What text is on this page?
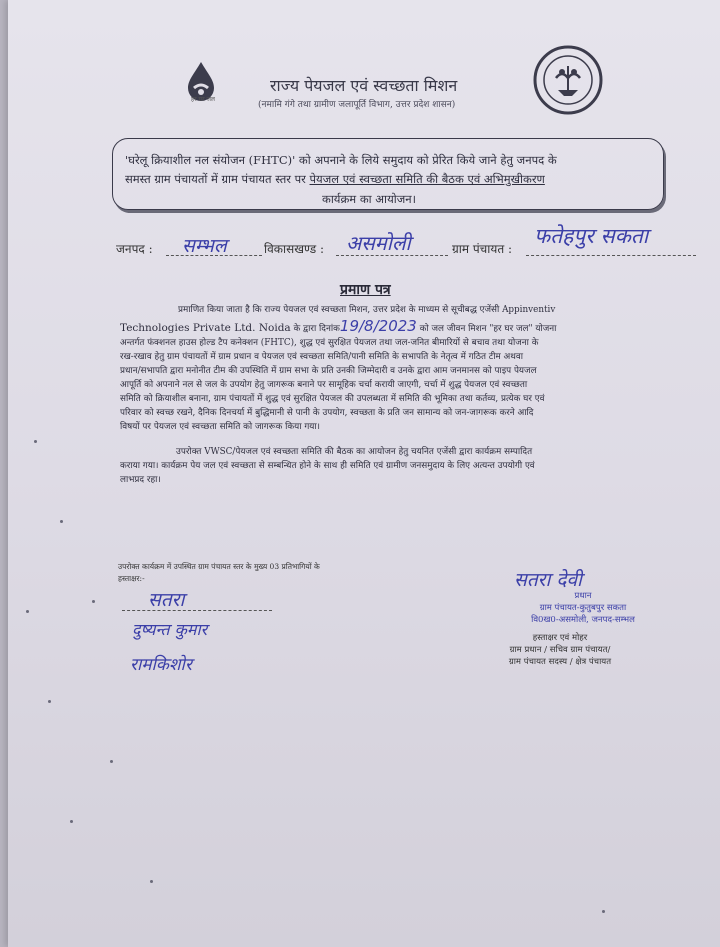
हर घर जल
राज्य पेयजल एवं स्वच्छता मिशन
(नमामि गंगे तथा ग्रामीण जलापूर्ति विभाग, उत्तर प्रदेश शासन)
'घरेलू क्रियाशील नल संयोजन (FHTC)' को अपनाने के लिये समुदाय को प्रेरित किये जाने हेतु जनपद के
समस्त ग्राम पंचायतों में ग्राम पंचायत स्तर पर पेयजल एवं स्वच्छता समिति की बैठक एवं अभिमुखीकरण
कार्यक्रम का आयोजन।
जनपद : सम्भल	विकासखण्ड : असमोली	ग्राम पंचायत :
फतेहपुर सकता
प्रमाण पत्र
प्रमाणित किया जाता है कि राज्य पेयजल एवं स्वच्छता मिशन, उत्तर प्रदेश के माध्यम से सूचीबद्ध एजेंसी Appinventiv
Technologies Private Ltd. Noida के द्वारा दिनांक19/8/2023 को जल जीवन मिशन "हर घर जल" योजना
अन्तर्गत फंक्शनल हाउस होल्ड टैप कनेक्शन (FHTC), शुद्ध एवं सुरक्षित पेयजल तथा जल-जनित बीमारियों से बचाव तथा योजना के
रख-रखाव हेतु ग्राम पंचायतों में ग्राम प्रधान व पेयजल एवं स्वच्छता समिति/पानी समिति के सभापति के नेतृत्व में गठित टीम अथवा
प्रधान/सभापति द्वारा मनोनीत टीम की उपस्थिति में ग्राम सभा के प्रति उनकी जिम्मेदारी व उनके द्वारा आम जनमानस को पाइप पेयजल
आपूर्ति को अपनाने नल से जल के उपयोग हेतु जागरूक बनाने पर सामूहिक चर्चा करायी जाएगी, चर्चा में शुद्ध पेयजल एवं स्वच्छता
समिति को क्रियाशील बनाना, ग्राम पंचायतों में शुद्ध एवं सुरक्षित पेयजल की उपलब्धता में समिति की भूमिका तथा कर्तव्य, प्रत्येक घर एवं
परिवार को स्वच्छ रखने, दैनिक दिनचर्या में बुद्धिमानी से पानी के उपयोग, स्वच्छता के प्रति जन सामान्य को जन-जागरूक करने आदि
विषयों पर पेयजल एवं स्वच्छता समिति को जागरूक किया गया।
उपरोक्त VWSC/पेयजल एवं स्वच्छता समिति की बैठक का आयोजन हेतु चयनित एजेंसी द्वारा कार्यक्रम सम्पादित
कराया गया। कार्यक्रम पेय जल एवं स्वच्छता से सम्बन्धित होने के साथ ही समिति एवं ग्रामीण जनसमुदाय के लिए अत्यन्त उपयोगी एवं
लाभप्रद रहा।
उपरोक्त कार्यक्रम में उपस्थित ग्राम पंचायत स्तर के मुख्य 03 प्रतिभागियों के
हस्ताक्षर:-
सतरा
दुष्यन्त कुमार
रामकिशोर
सतरा देवी
प्रधान
ग्राम पंचायत-कुतुबपुर सकता
वि0ख0-असमोली, जनपद-सम्भल
हस्ताक्षर एवं मोहर
ग्राम प्रधान / सचिव ग्राम पंचायत/
ग्राम पंचायत सदस्य / क्षेत्र पंचायत
